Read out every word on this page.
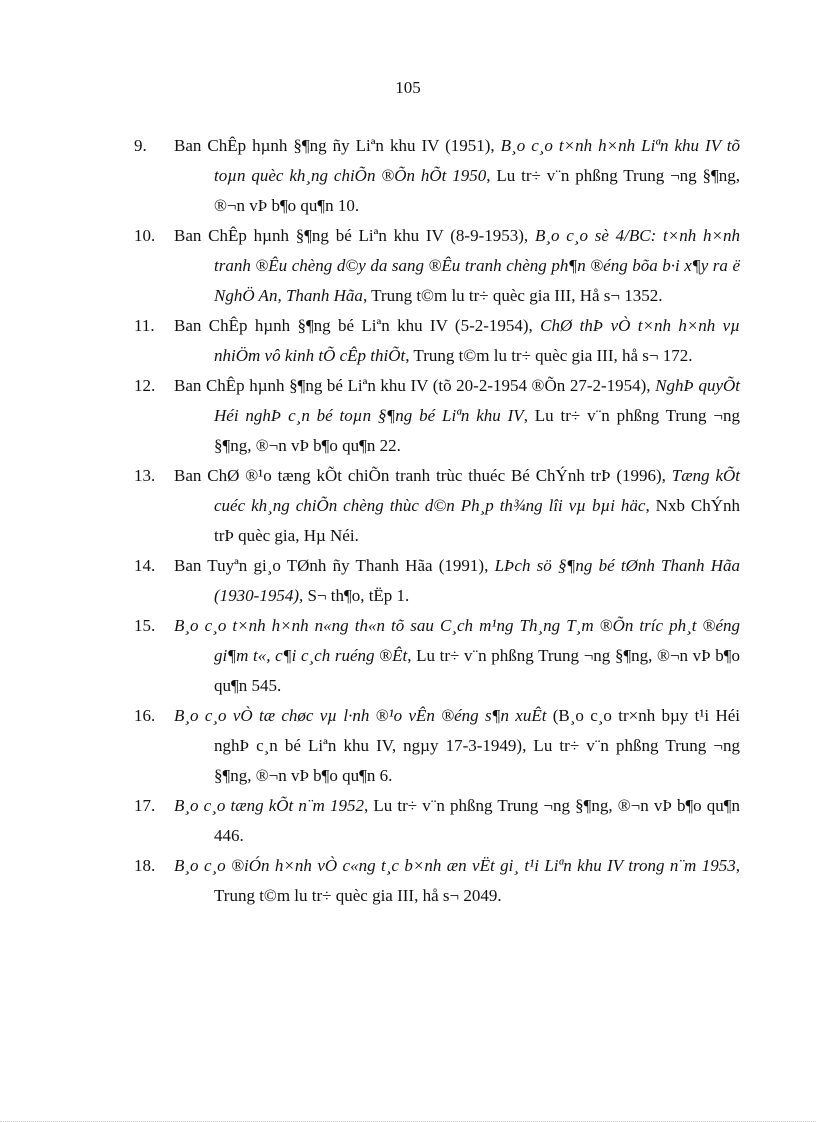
105
9.	Ban ChÊp hµnh §¶ng ñy Liªn khu IV (1951), B¸o c¸o t×nh h×nh Liªn khu IV tõ toµn quèc kh¸ng chiÕn ®Õn hÕt 1950, Lu tr÷ v¨n phßng Trung ¬ng §¶ng, ®¬n vÞ b¶o qu¶n 10.
10.	Ban ChÊp hµnh §¶ng bé Liªn khu IV (8-9-1953), B¸o c¸o sè 4/BC: t×nh h×nh tranh ®Êu chèng d©y da sang ®Êu tranh chèng ph¶n ®éng bõa b·i x¶y ra ë NghÖ An, Thanh Hãa, Trung t©m lu tr÷ quèc gia III, Hå s¬ 1352.
11.	Ban ChÊp hµnh §¶ng bé Liªn khu IV (5-2-1954), ChØ thÞ vÒ t×nh h×nh vµ nhiÖm vô kinh tÕ cÊp thiÕt, Trung t©m lu tr÷ quèc gia III, hå s¬ 172.
12.	Ban ChÊp hµnh §¶ng bé Liªn khu IV (tõ 20-2-1954 ®Õn 27-2-1954), NghÞ quyÕt Héi nghÞ c¸n bé toµn §¶ng bé Liªn khu IV, Lu tr÷ v¨n phßng Trung ¬ng §¶ng, ®¬n vÞ b¶o qu¶n 22.
13.	Ban ChØ ®¹o tæng kÕt chiÕn tranh trùc thuéc Bé ChÝnh trÞ (1996), Tæng kÕt cuéc kh¸ng chiÕn chèng thùc d©n Ph¸p th¾ng lîi vµ bµi häc, Nxb ChÝnh trÞ quèc gia, Hµ Néi.
14.	Ban Tuyªn gi¸o TØnh ñy Thanh Hãa (1991), LÞch sö §¶ng bé tØnh Thanh Hãa (1930-1954), S¬ th¶o, tËp 1.
15.	B¸o c¸o t×nh h×nh n«ng th«n tõ sau C¸ch m¹ng Th¸ng T¸m ®Õn tríc ph¸t ®éng gi¶m t«, c¶i c¸ch ruéng ®Êt, Lu tr÷ v¨n phßng Trung ¬ng §¶ng, ®¬n vÞ b¶o qu¶n 545.
16.	B¸o c¸o vÒ tæ chøc vµ l·nh ®¹o vÊn ®éng s¶n xuÊt (B¸o c¸o tr×nh bµy t¹i Héi nghÞ c¸n bé Liªn khu IV, ngµy 17-3-1949), Lu tr÷ v¨n phßng Trung ¬ng §¶ng, ®¬n vÞ b¶o qu¶n 6.
17.	B¸o c¸o tæng kÕt n¨m 1952, Lu tr÷ v¨n phßng Trung ¬ng §¶ng, ®¬n vÞ b¶o qu¶n 446.
18.	B¸o c¸o ®iÓn h×nh vÒ c«ng t¸c b×nh æn vËt gi¸ t¹i Liªn khu IV trong n¨m 1953, Trung t©m lu tr÷ quèc gia III, hå s¬ 2049.
